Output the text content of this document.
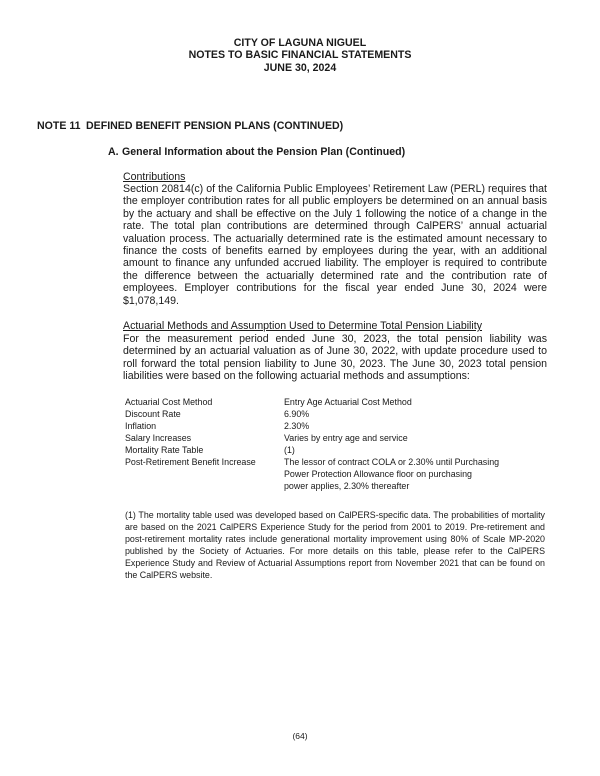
CITY OF LAGUNA NIGUEL
NOTES TO BASIC FINANCIAL STATEMENTS
JUNE 30, 2024
NOTE 11 DEFINED BENEFIT PENSION PLANS (CONTINUED)
A. General Information about the Pension Plan (Continued)
Contributions

Section 20814(c) of the California Public Employees’ Retirement Law (PERL) requires that the employer contribution rates for all public employers be determined on an annual basis by the actuary and shall be effective on the July 1 following the notice of a change in the rate. The total plan contributions are determined through CalPERS’ annual actuarial valuation process. The actuarially determined rate is the estimated amount necessary to finance the costs of benefits earned by employees during the year, with an additional amount to finance any unfunded accrued liability. The employer is required to contribute the difference between the actuarially determined rate and the contribution rate of employees. Employer contributions for the fiscal year ended June 30, 2024 were $1,078,149.

Actuarial Methods and Assumption Used to Determine Total Pension Liability

For the measurement period ended June 30, 2023, the total pension liability was determined by an actuarial valuation as of June 30, 2022, with update procedure used to roll forward the total pension liability to June 30, 2023. The June 30, 2023 total pension liabilities were based on the following actuarial methods and assumptions:

Actuarial Cost Method	Entry Age Actuarial Cost Method
Discount Rate	6.90%
Inflation	2.30%
Salary Increases	Varies by entry age and service
Mortality Rate Table	(1)
Post-Retirement Benefit Increase	The lessor of contract COLA or 2.30% until Purchasing
Power Protection Allowance floor on purchasing
power applies, 2.30% thereafter
(1) The mortality table used was developed based on CalPERS-specific data. The probabilities of mortality are based on the 2021 CalPERS Experience Study for the period from 2001 to 2019. Pre-retirement and post-retirement mortality rates include generational mortality improvement using 80% of Scale MP-2020 published by the Society of Actuaries. For more details on this table, please refer to the CalPERS Experience Study and Review of Actuarial Assumptions report from November 2021 that can be found on the CalPERS website.
(64)
